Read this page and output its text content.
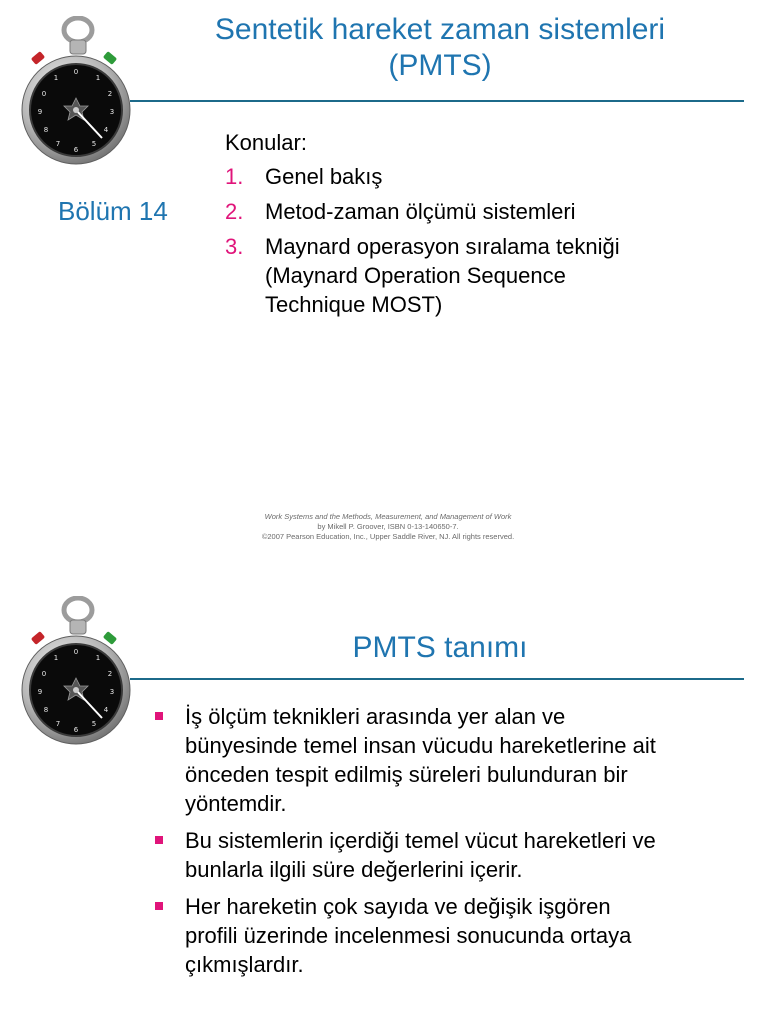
0
1
2
3
4
5
6
7
8
9
0
1
Sentetik hareket zaman sistemleri
(PMTS)
Bölüm 14
Konular:
1. Genel bakış
2. Metod-zaman ölçümü sistemleri
3. Maynard operasyon sıralama tekniği
(Maynard Operation Sequence
Technique MOST)
Work Systems and the Methods, Measurement, and Management of Work
by Mikell P. Groover, ISBN 0-13-140650-7.
©2007 Pearson Education, Inc., Upper Saddle River, NJ. All rights reserved.
0
1
2
3
4
5
6
7
8
9
0
1	PMTS tanımı
İş ölçüm teknikleri arasında yer alan ve
bünyesinde temel insan vücudu hareketlerine ait
önceden tespit edilmiş süreleri bulunduran bir
yöntemdir.
Bu sistemlerin içerdiği temel vücut hareketleri ve
bunlarla ilgili süre değerlerini içerir.
Her hareketin çok sayıda ve değişik işgören
profili üzerinde incelenmesi sonucunda ortaya
çıkmışlardır.
